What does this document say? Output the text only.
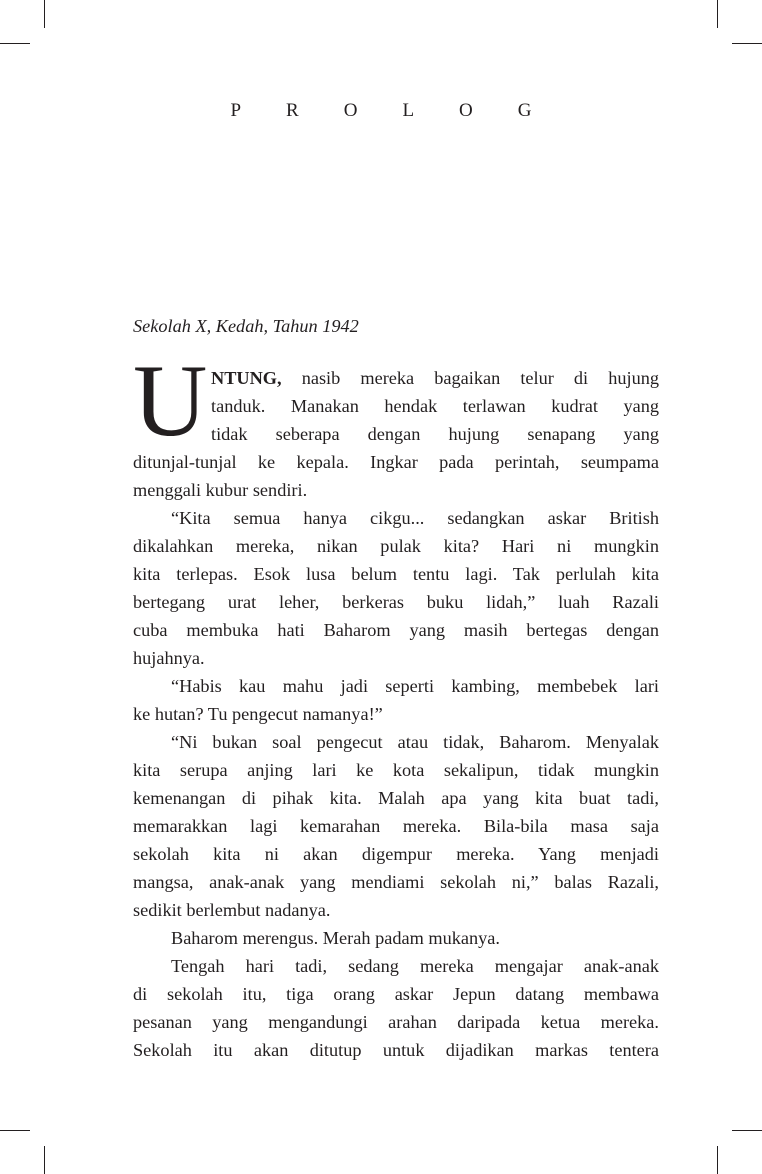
PROLOG
Sekolah X, Kedah, Tahun 1942
U NTUNG, nasib mereka bagaikan telur di hujung
tanduk. Manakan hendak terlawan kudrat yang
tidak seberapa dengan hujung senapang yang

ditunjal-tunjal ke kepala. Ingkar pada perintah, seumpama

menggali kubur sendiri.

“Kita semua hanya cikgu... sedangkan askar British

dikalahkan mereka, nikan pulak kita? Hari ni mungkin

kita terlepas. Esok lusa belum tentu lagi. Tak perlulah kita

bertegang urat leher, berkeras buku lidah,” luah Razali

cuba membuka hati Baharom yang masih bertegas dengan

hujahnya.

“Habis kau mahu jadi seperti kambing, membebek lari

ke hutan? Tu pengecut namanya!”

“Ni bukan soal pengecut atau tidak, Baharom. Menyalak

kita serupa anjing lari ke kota sekalipun, tidak mungkin

kemenangan di pihak kita. Malah apa yang kita buat tadi,

memarakkan lagi kemarahan mereka. Bila-bila masa saja

sekolah kita ni akan digempur mereka. Yang menjadi

mangsa, anak-anak yang mendiami sekolah ni,” balas Razali,

sedikit berlembut nadanya.

Baharom merengus. Merah padam mukanya.

Tengah hari tadi, sedang mereka mengajar anak-anak

di sekolah itu, tiga orang askar Jepun datang membawa

pesanan yang mengandungi arahan daripada ketua mereka.

Sekolah itu akan ditutup untuk dijadikan markas tentera
